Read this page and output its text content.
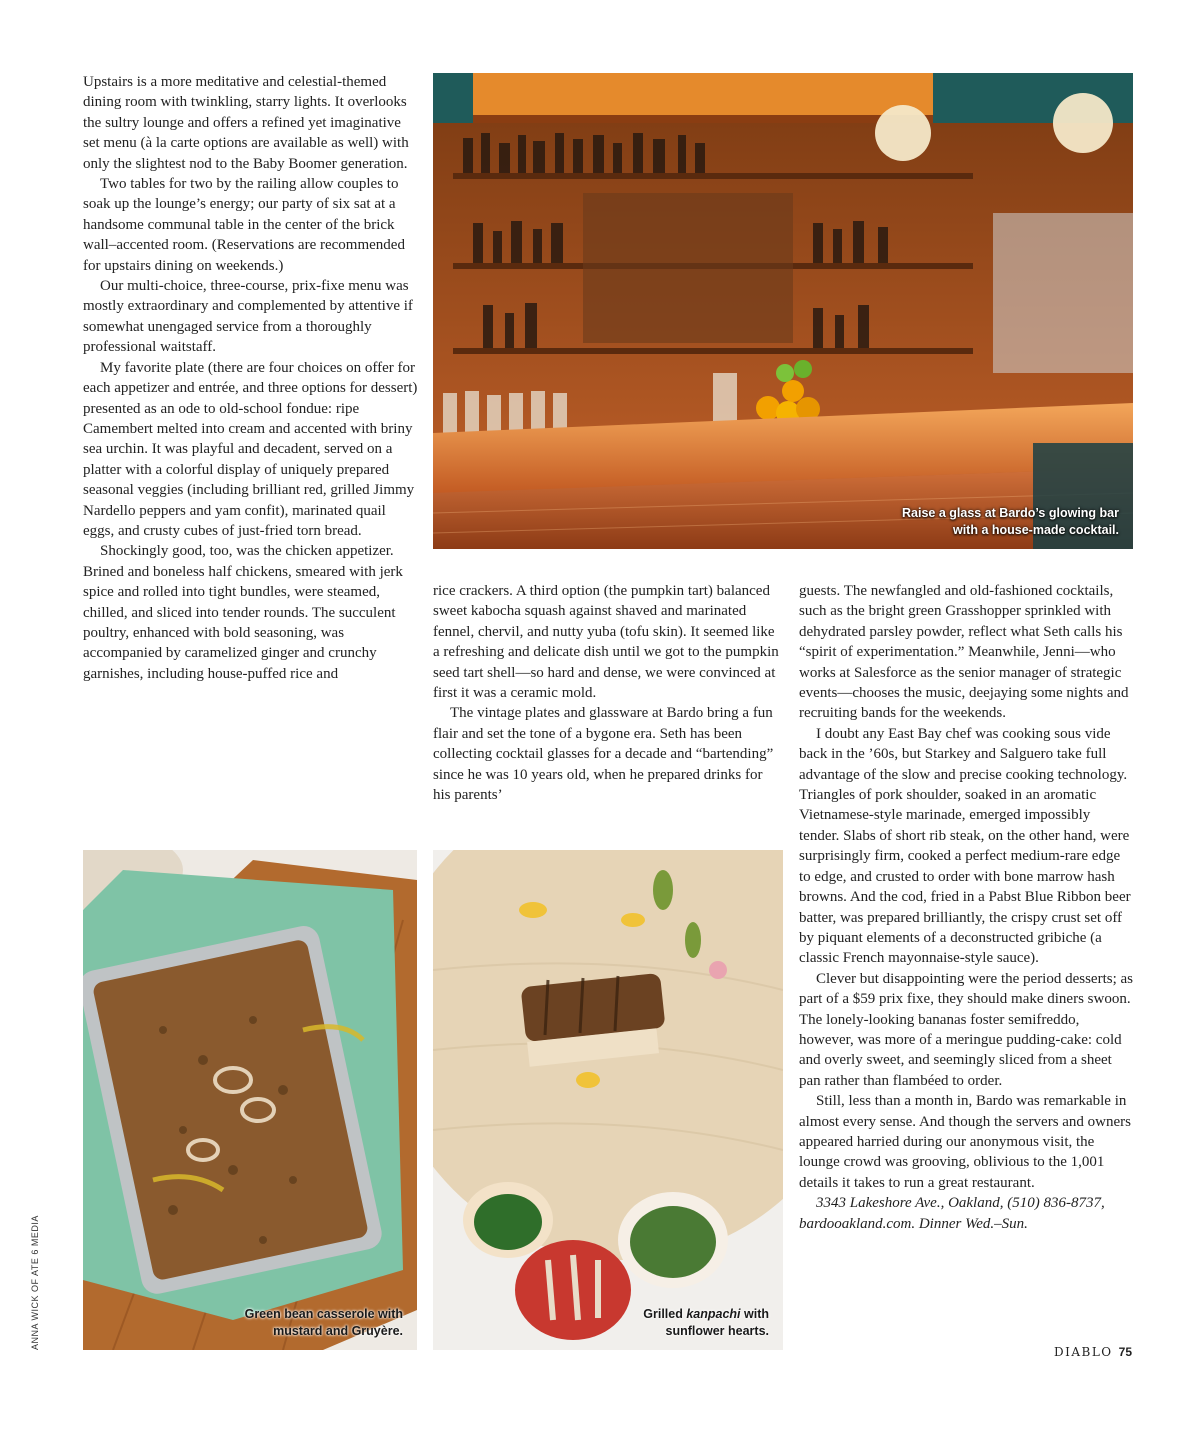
Upstairs is a more meditative and celestial-themed dining room with twinkling, starry lights. It overlooks the sultry lounge and offers a refined yet imaginative set menu (à la carte options are available as well) with only the slightest nod to the Baby Boomer generation.

Two tables for two by the railing allow couples to soak up the lounge’s energy; our party of six sat at a handsome communal table in the center of the brick wall–accented room. (Reservations are recommended for upstairs dining on weekends.)

Our multi-choice, three-course, prix-fixe menu was mostly extraordinary and complemented by attentive if somewhat unengaged service from a thoroughly professional waitstaff.

My favorite plate (there are four choices on offer for each appetizer and entrée, and three options for dessert) presented as an ode to old-school fondue: ripe Camembert melted into cream and accented with briny sea urchin. It was playful and decadent, served on a platter with a colorful display of uniquely prepared seasonal veggies (including brilliant red, grilled Jimmy Nardello peppers and yam confit), marinated quail eggs, and crusty cubes of just-fried torn bread.

Shockingly good, too, was the chicken appetizer. Brined and boneless half chickens, smeared with jerk spice and rolled into tight bundles, were steamed, chilled, and sliced into tender rounds. The succulent poultry, enhanced with bold seasoning, was accompanied by caramelized ginger and crunchy garnishes, including house-puffed rice and

Raise a glass at Bardo’s glowing bar
with a house-made cocktail.

rice crackers. A third option (the pumpkin tart) balanced sweet kabocha squash against shaved and marinated fennel, chervil, and nutty yuba (tofu skin). It seemed like a refreshing and delicate dish until we got to the pumpkin seed tart shell—so hard and dense, we were convinced at first it was a ceramic mold.

The vintage plates and glassware at Bardo bring a fun flair and set the tone of a bygone era. Seth has been collecting cocktail glasses for a decade and “bartending” since he was 10 years old, when he prepared drinks for his parents’

guests. The newfangled and old-fashioned cocktails, such as the bright green Grasshopper sprinkled with dehydrated parsley powder, reflect what Seth calls his “spirit of experimentation.” Meanwhile, Jenni—who works at Salesforce as the senior manager of strategic events—chooses the music, deejaying some nights and recruiting bands for the weekends.

I doubt any East Bay chef was cooking sous vide back in the ’60s, but Starkey and Salguero take full advantage of the slow and precise cooking technology. Triangles of pork shoulder, soaked in an aromatic Vietnamese-style marinade, emerged impossibly tender. Slabs of short rib steak, on the other hand, were surprisingly firm, cooked a perfect medium-rare edge to edge, and crusted to order with bone marrow hash browns. And the cod, fried in a Pabst Blue Ribbon beer batter, was prepared brilliantly, the crispy crust set off by piquant elements of a deconstructed gribiche (a classic French mayonnaise-style sauce).

Clever but disappointing were the period desserts; as part of a $59 prix fixe, they should make diners swoon. The lonely-looking bananas foster semifreddo, however, was more of a meringue pudding-cake: cold and overly sweet, and seemingly sliced from a sheet pan rather than flambéed to order.

Still, less than a month in, Bardo was remarkable in almost every sense. And though the servers and owners appeared harried during our anonymous visit, the lounge crowd was grooving, oblivious to the 1,001 details it takes to run a great restaurant.

3343 Lakeshore Ave., Oakland, (510) 836-8737, bardooakland.com. Dinner Wed.–Sun.

Green bean casserole with
mustard and Gruyère.
Grilled kanpachi with
sunflower hearts.
ANNA WICK OF ATE 6 MEDIA
DIABLO 75
